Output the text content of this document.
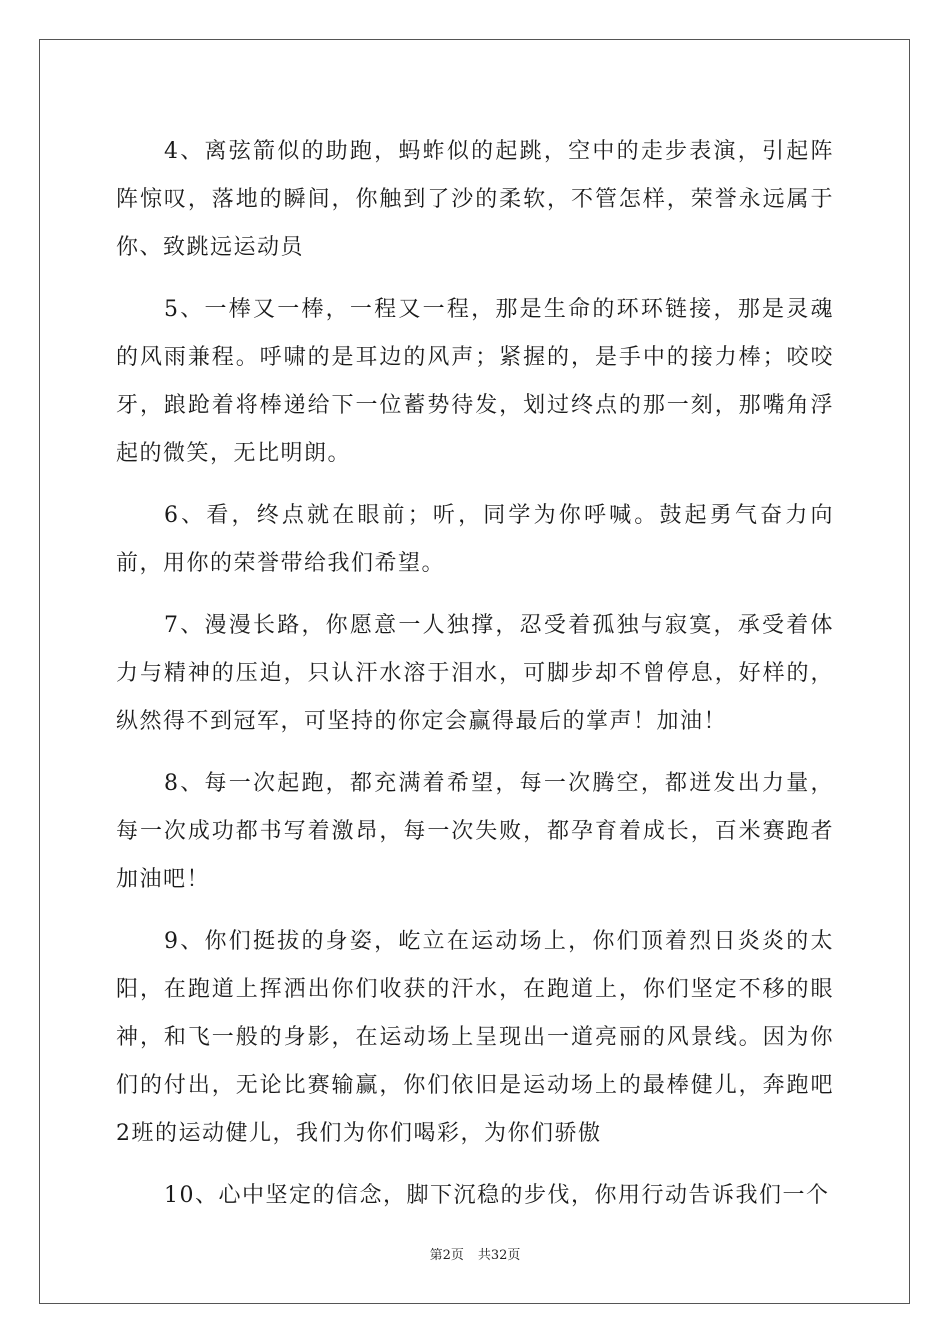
4、离弦箭似的助跑，蚂蚱似的起跳，空中的走步表演，引起阵阵惊叹，落地的瞬间，你触到了沙的柔软，不管怎样，荣誉永远属于你、致跳远运动员

5、一棒又一棒，一程又一程，那是生命的环环链接，那是灵魂的风雨兼程。呼啸的是耳边的风声；紧握的，是手中的接力棒；咬咬牙，踉跄着将棒递给下一位蓄势待发，划过终点的那一刻，那嘴角浮起的微笑，无比明朗。

6、看，终点就在眼前；听，同学为你呼喊。鼓起勇气奋力向前，用你的荣誉带给我们希望。

7、漫漫长路，你愿意一人独撑，忍受着孤独与寂寞，承受着体力与精神的压迫，只认汗水溶于泪水，可脚步却不曾停息，好样的，纵然得不到冠军，可坚持的你定会赢得最后的掌声！加油！

8、每一次起跑，都充满着希望，每一次腾空，都迸发出力量，每一次成功都书写着激昂，每一次失败，都孕育着成长，百米赛跑者加油吧！

9、你们挺拔的身姿，屹立在运动场上，你们顶着烈日炎炎的太阳，在跑道上挥洒出你们收获的汗水，在跑道上，你们坚定不移的眼神，和飞一般的身影，在运动场上呈现出一道亮丽的风景线。因为你们的付出，无论比赛输赢，你们依旧是运动场上的最棒健儿，奔跑吧2班的运动健儿，我们为你们喝彩，为你们骄傲

10、心中坚定的信念，脚下沉稳的步伐，你用行动告诉我们一个

第2页 共32页
